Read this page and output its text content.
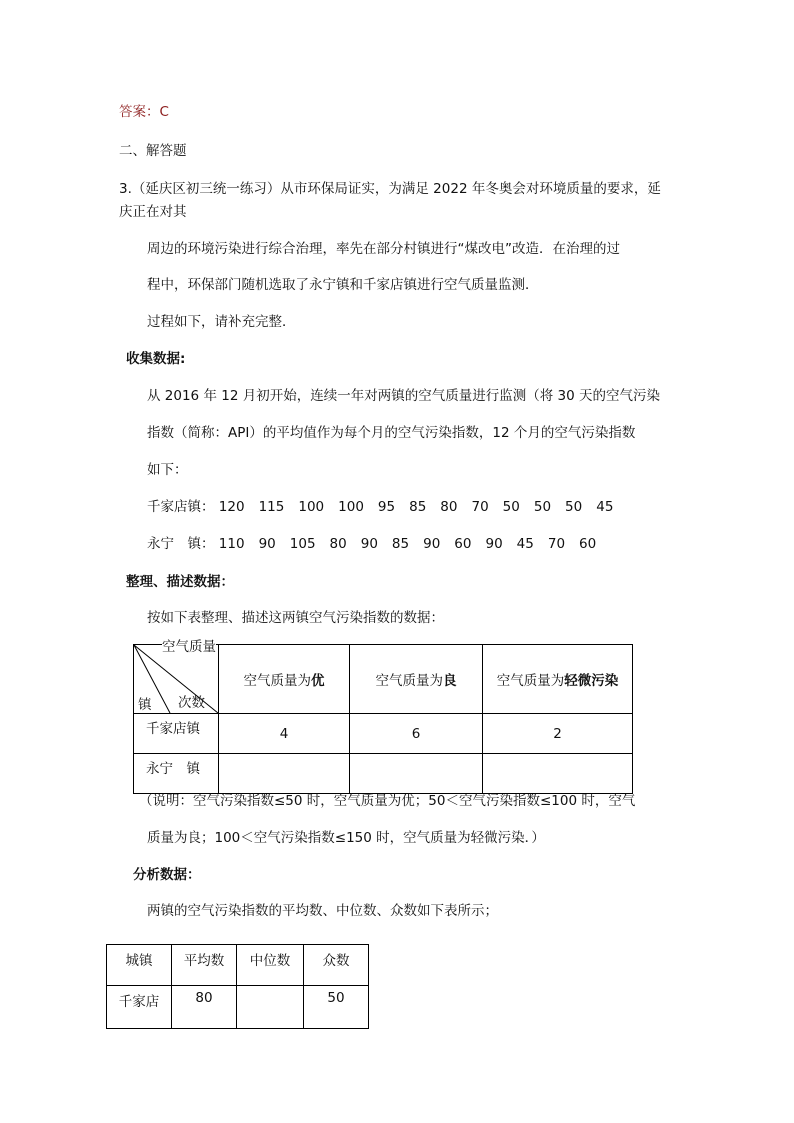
答案：C
二、解答题
3.（延庆区初三统一练习）从市环保局证实，为满足 2022 年冬奥会对环境质量的要求，延
庆正在对其
周边的环境污染进行综合治理，率先在部分村镇进行“煤改电”改造．在治理的过
程中，环保部门随机选取了永宁镇和千家店镇进行空气质量监测．
过程如下，请补充完整．
收集数据:
从 2016 年 12 月初开始，连续一年对两镇的空气质量进行监测（将 30 天的空气污染
指数（简称：API）的平均值作为每个月的空气污染指数，12 个月的空气污染指数
如下：
千家店镇： 120 115 100 100 95 85 80 70 50 50 50 45
永宁　镇： 110 90 105 80 90 85 90 60 90 45 70 60
整理、描述数据：
按如下表整理、描述这两镇空气污染指数的数据：
空气质量
镇 次数	空气质量为优	空气质量为良	空气质量为轻微污染
千家店镇	4	6	2
永宁　镇			
（说明：空气污染指数≤50 时，空气质量为优；50＜空气污染指数≤100 时，空气
质量为良；100＜空气污染指数≤150 时，空气质量为轻微污染．）
分析数据：
两镇的空气污染指数的平均数、中位数、众数如下表所示；
城镇	平均数	中位数	众数
千家店	80		50
